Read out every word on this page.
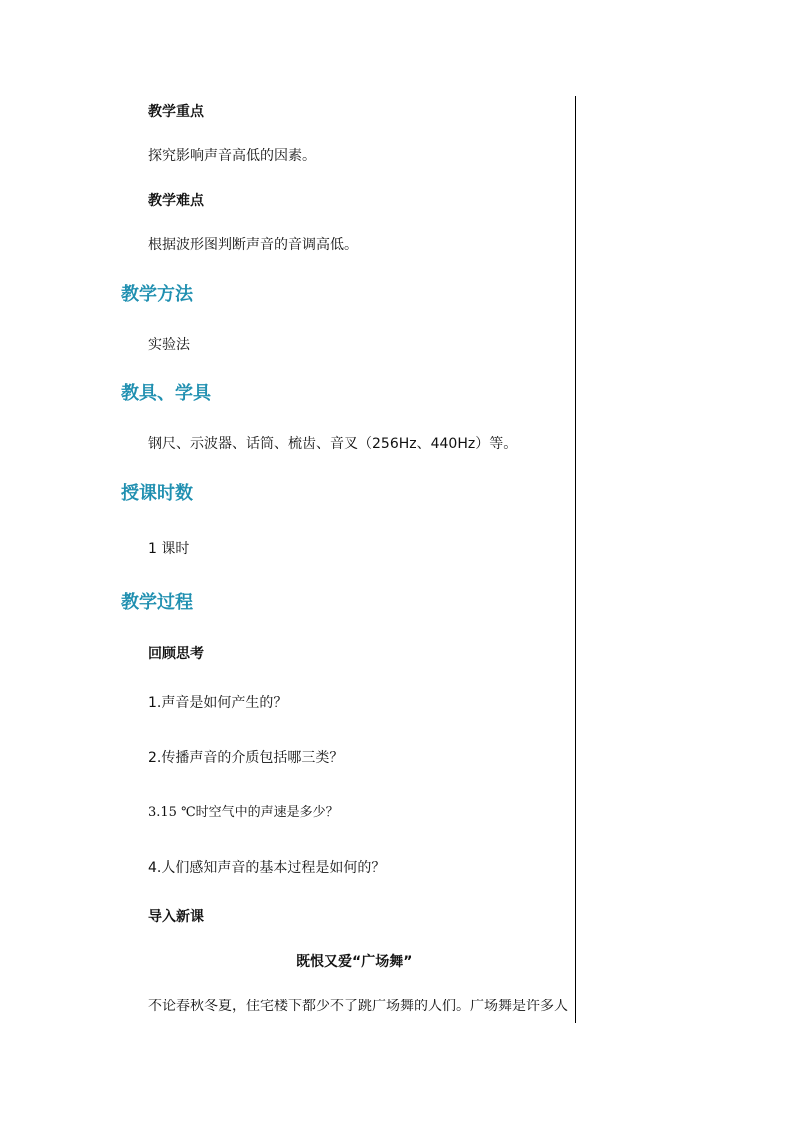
教学重点
探究影响声音高低的因素。
教学难点
根据波形图判断声音的音调高低。
教学方法
实验法
教具、学具
钢尺、示波器、话筒、梳齿、音叉（256Hz、440Hz）等。
授课时数
1 课时
教学过程
回顾思考
1.声音是如何产生的？
2.传播声音的介质包括哪三类？
3.15 ℃时空气中的声速是多少？
4.人们感知声音的基本过程是如何的？
导入新课
既恨又爱“广场舞”
不论春秋冬夏，住宅楼下都少不了跳广场舞的人们。广场舞是许多人
